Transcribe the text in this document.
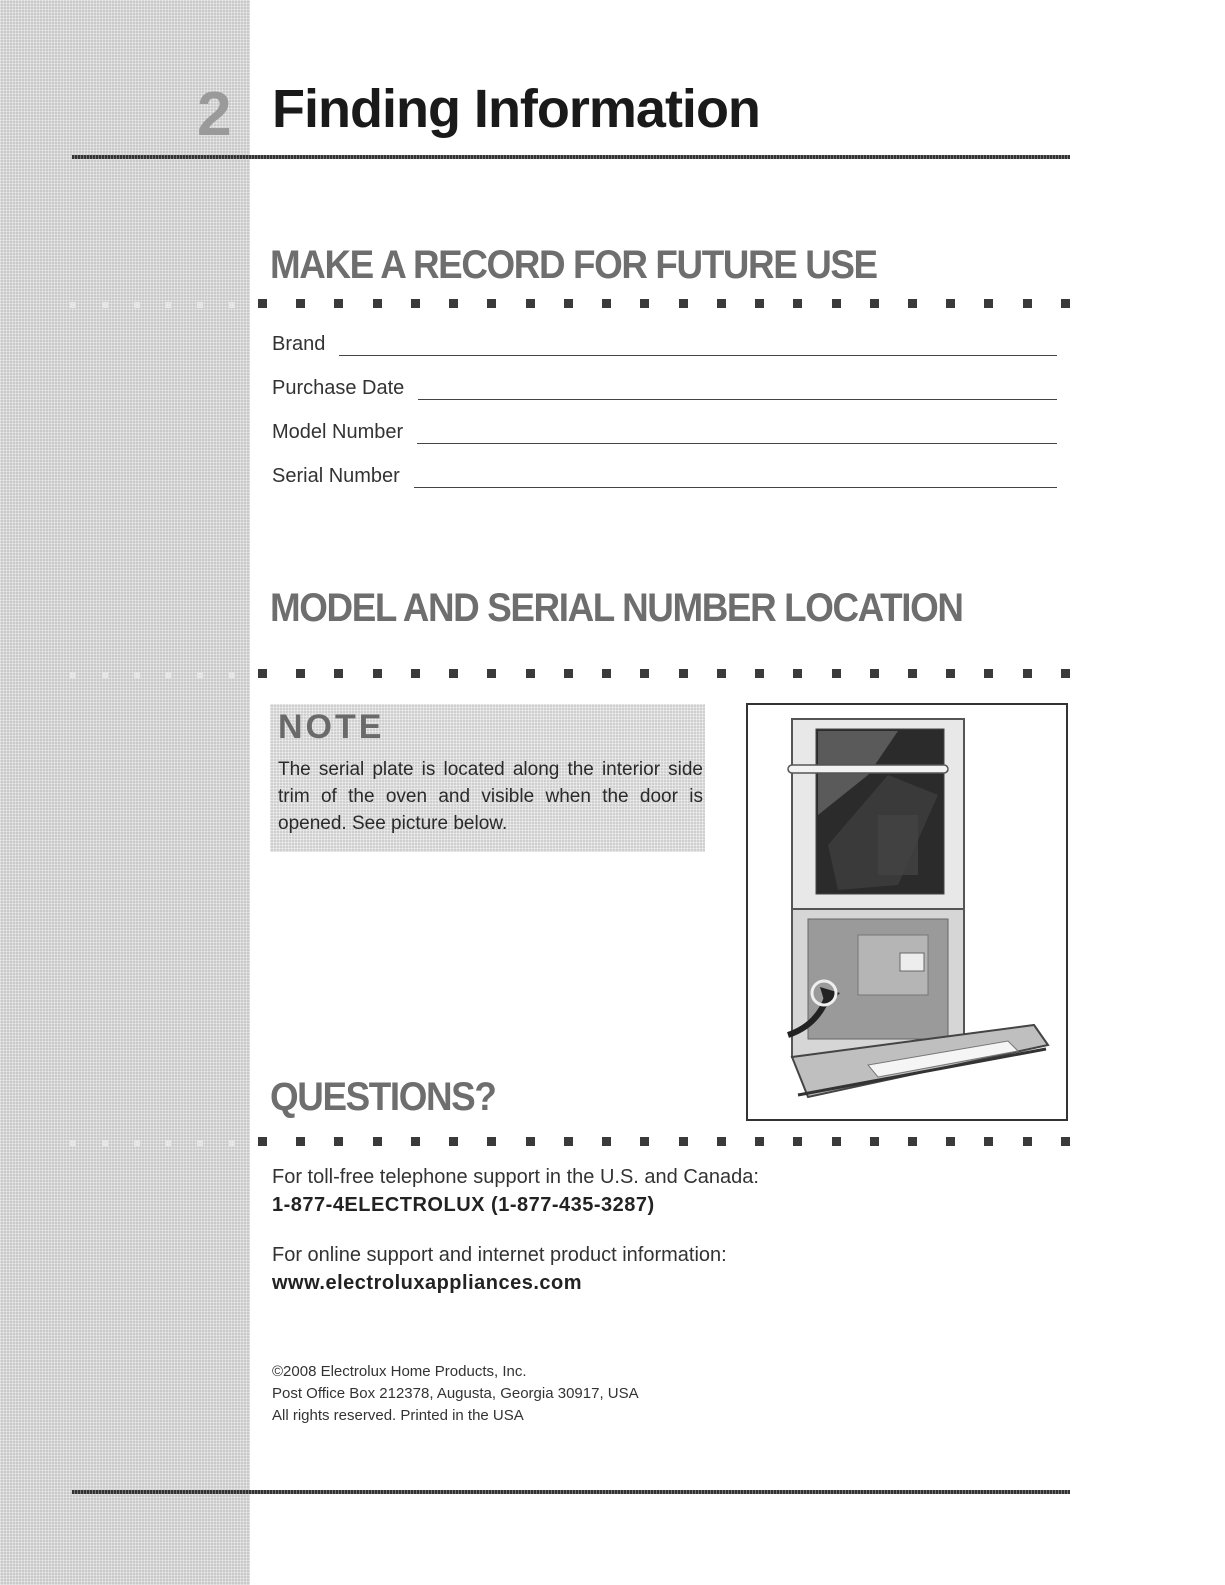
2 Finding Information
MAKE A RECORD FOR FUTURE USE
Brand
Purchase Date
Model Number
Serial Number
MODEL AND SERIAL NUMBER LOCATION
NOTE
The serial plate is located along the interior side trim of the oven and visible when the door is opened. See picture below.
QUESTIONS?
For toll-free telephone support in the U.S. and Canada:
1-877-4ELECTROLUX (1-877-435-3287)
For online support and internet product information:
www.electroluxappliances.com
©2008 Electrolux Home Products, Inc.
Post Office Box 212378, Augusta, Georgia 30917, USA
All rights reserved. Printed in the USA
